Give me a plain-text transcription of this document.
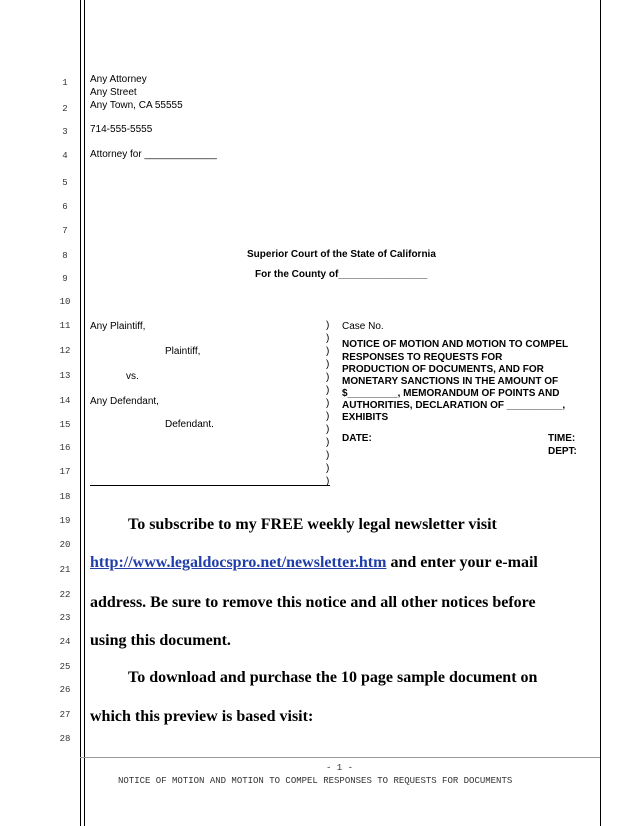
1
2
3
4
5
6
7
8
9
10
11
12
13
14
15
16
17
18
19
20
21
22
23
24
25
26
27
28
Any Attorney
Any Street
Any Town, CA 55555
714-555-5555
Attorney for _____________
Superior Court of the State of California
For the County of________________
Any Plaintiff,
Plaintiff,
vs.
Any Defendant,
Defendant.
)
)
)
)
)
)
)
)
)
)
)
)
)
Case No.
NOTICE OF MOTION AND MOTION TO COMPEL
RESPONSES TO REQUESTS FOR
PRODUCTION OF DOCUMENTS, AND FOR
MONETARY SANCTIONS IN THE AMOUNT OF
$_________, MEMORANDUM OF POINTS AND
AUTHORITIES, DECLARATION OF __________,
EXHIBITS
DATE:	TIME:
DEPT:
To subscribe to my FREE weekly legal newsletter visit
http://www.legaldocspro.net/newsletter.htm and enter your e-mail
address. Be sure to remove this notice and all other notices before
using this document.
To download and purchase the 10 page sample document on
which this preview is based visit:
- 1 -
NOTICE OF MOTION AND MOTION TO COMPEL RESPONSES TO REQUESTS FOR DOCUMENTS
